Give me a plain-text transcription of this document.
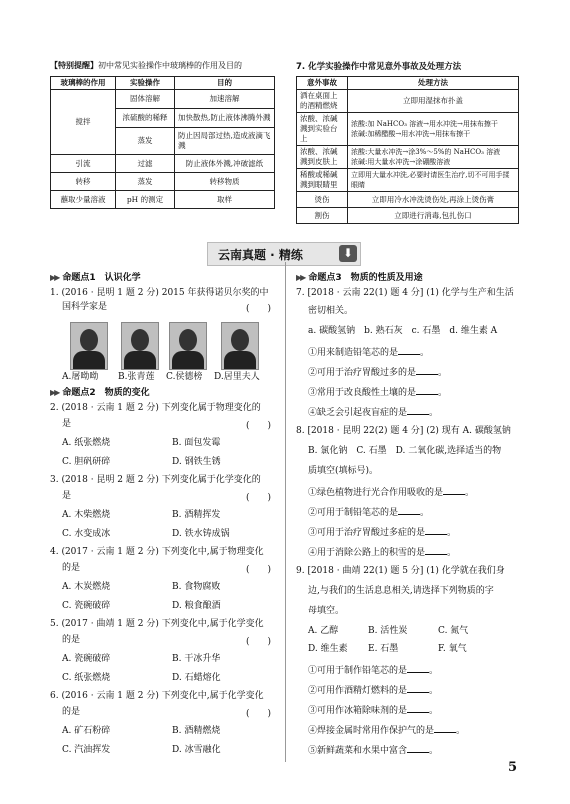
【特别提醒】初中常见实验操作中玻璃棒的作用及目的
玻璃棒的作用	实验操作	目的
搅拌	固体溶解	加速溶解
	浓硫酸的稀释	加快散热,防止液体沸腾外溅
	蒸发	防止因局部过热,造成液滴飞溅
引流	过滤	防止液体外溅,冲破滤纸
转移	蒸发	转移物质
蘸取少量溶液	pH 的测定	取样
7. 化学实验操作中常见意外事故及处理方法
意外事故	处理方法
洒在桌面上的酒精燃烧	立即用湿抹布扑盖
浓酸、浓碱溅到实验台上	浓酸:加 NaHCO₃ 溶液→用水冲洗→用抹布擦干
浓碱:加稀醋酸→用水冲洗→用抹布擦干
浓酸、浓碱溅到皮肤上	浓酸:大量水冲洗→涂3%～5%的 NaHCO₃ 溶液
浓碱:用大量水冲洗→涂硼酸溶液
稀酸或稀碱溅到眼睛里	立即用大量水冲洗,必要时请医生治疗,切不可用手揉眼睛
烫伤	立即用冷水冲洗烫伤处,再涂上烫伤膏
割伤	立即进行消毒,包扎伤口
云南真题 · 精练	⬇
▶▶ 命题点1　认识化学
1. (2016 · 昆明 1 题 2 分) 2015 年获得诺贝尔奖的中
国科学家是	(　　)
A.屠呦呦 B.张青莲 C.侯德榜 D.居里夫人
▶▶ 命题点2　物质的变化
2. (2018 · 云南 1 题 2 分) 下列变化属于物理变化的
是	(　　)
A. 纸张燃烧	B. 面包发霉
C. 胆矾研碎	D. 钢铁生锈
3. (2018 · 昆明 2 题 2 分) 下列变化属于化学变化的
是	(　　)
A. 木柴燃烧	B. 酒精挥发
C. 水变成冰	D. 铁水铸成锅
4. (2017 · 云南 1 题 2 分) 下列变化中,属于物理变化
的是	(　　)
A. 木炭燃烧	B. 食物腐败
C. 瓷碗破碎	D. 粮食酿酒
5. (2017 · 曲靖 1 题 2 分) 下列变化中,属于化学变化
的是	(　　)
A. 瓷碗破碎	B. 干冰升华
C. 纸张燃烧	D. 石蜡熔化
6. (2016 · 云南 1 题 2 分) 下列变化中,属于化学变化
的是	(　　)
A. 矿石粉碎	B. 酒精燃烧
C. 汽油挥发	D. 冰雪融化
▶▶ 命题点3　物质的性质及用途
7. [2018 · 云南 22(1) 题 4 分] (1) 化学与生产和生活
密切相关。
a. 碳酸氢钠　b. 熟石灰　c. 石墨　d. 维生素 A
①用来制造铅笔芯的是 。
②可用于治疗胃酸过多的是 。
③常用于改良酸性土壤的是 。
④缺乏会引起夜盲症的是 。
8. [2018 · 昆明 22(2) 题 4 分] (2) 现有 A. 碳酸氢钠
B. 氯化钠　C. 石墨　D. 二氧化碳,选择适当的物
质填空(填标号)。
①绿色植物进行光合作用吸收的是 。
②可用于制铅笔芯的是 。
③可用于治疗胃酸过多症的是 。
④用于消除公路上的积雪的是 。
9. [2018 · 曲靖 22(1) 题 5 分] (1) 化学就在我们身
边,与我们的生活息息相关,请选择下列物质的字
母填空。
A. 乙醇	B. 活性炭	C. 氮气
D. 维生素 E. 石墨	F. 氧气
①可用于制作铅笔芯的是 。
②可用作酒精灯燃料的是 。
③可用作冰箱除味剂的是 。
④焊接金属时常用作保护气的是 。
⑤新鲜蔬菜和水果中富含 。
5
